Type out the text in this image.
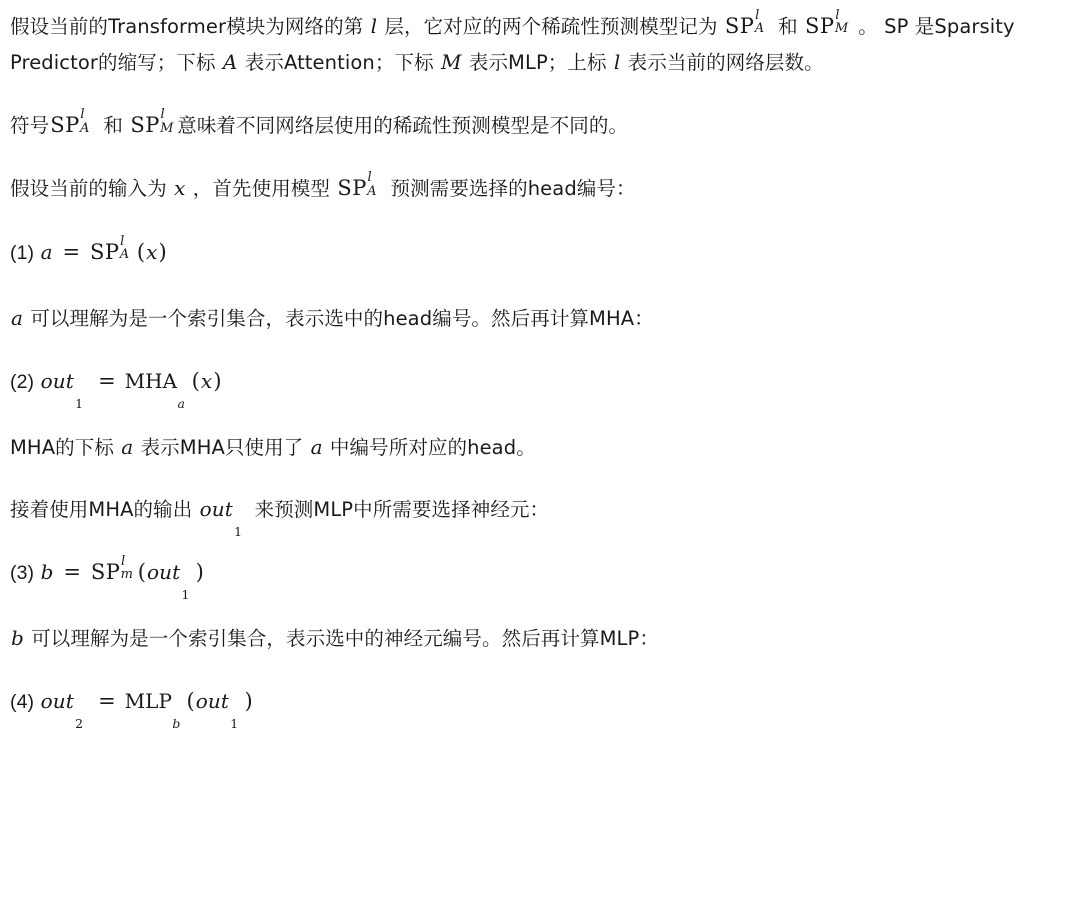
假设当前的Transformer模块为网络的第 l 层，它对应的两个稀疏性预测模型记为 SP l
A 和 SP l
M 。 SP 是Sparsity Predictor的缩写；下标 A 表示Attention；下标 M 表示MLP；上标 l 表示当前的网络层数。
符号SP l
A 和 SP l
M 意味着不同网络层使用的稀疏性预测模型是不同的。
假设当前的输入为 x ，首先使用模型 SP l
A 预测需要选择的head编号：
(1) a = SP l
A (x)
a 可以理解为是一个索引集合，表示选中的head编号。然后再计算MHA：
(2) out
1
= MHA
a
(x)
MHA的下标 a 表示MHA只使用了 a 中编号所对应的head。
接着使用MHA的输出 out
1
来预测MLP中所需要选择神经元：
(3) b = SP l
m (out
1
)
b 可以理解为是一个索引集合，表示选中的神经元编号。然后再计算MLP：
(4) out
2
= MLP
b
(out
1
)
